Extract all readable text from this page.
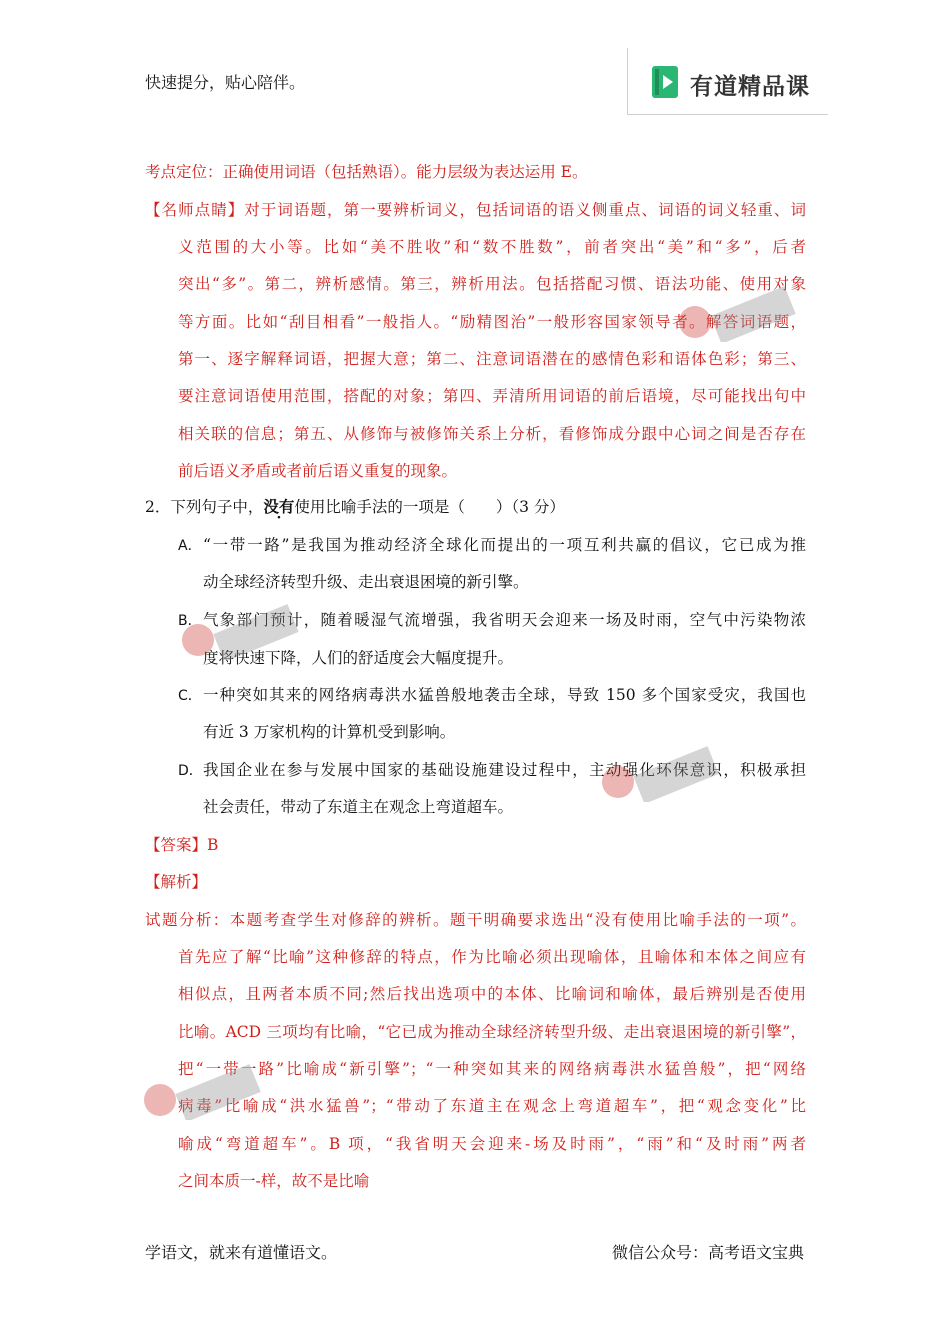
快速提分，贴心陪伴。	有道精品课
考点定位：正确使用词语（包括熟语）。能力层级为表达运用 E。
【名师点睛】对于词语题，第一要辨析词义，包括词语的语义侧重点、词语的词义轻重、词
义范围的大小等。比如“美不胜收”和“数不胜数”，前者突出“美”和“多”，后者
突出“多”。第二，辨析感情。第三，辨析用法。包括搭配习惯、语法功能、使用对象
等方面。比如“刮目相看”一般指人。“励精图治”一般形容国家领导者。解答词语题，
第一、逐字解释词语，把握大意；第二、注意词语潜在的感情色彩和语体色彩；第三、
要注意词语使用范围，搭配的对象；第四、弄清所用词语的前后语境，尽可能找出句中
相关联的信息；第五、从修饰与被修饰关系上分析，看修饰成分跟中心词之间是否存在
前后语义矛盾或者前后语义重复的现象。
2．下列句子中，没有使用比喻手法的一项是（　　）（3 分）
A． “一带一路”是我国为推动经济全球化而提出的一项互利共赢的倡议，它已成为推
动全球经济转型升级、走出衰退困境的新引擎。
B． 气象部门预计，随着暖湿气流增强，我省明天会迎来一场及时雨，空气中污染物浓
度将快速下降，人们的舒适度会大幅度提升。
C． 一种突如其来的网络病毒洪水猛兽般地袭击全球，导致 150 多个国家受灾，我国也
有近 3 万家机构的计算机受到影响。
D． 我国企业在参与发展中国家的基础设施建设过程中，主动强化环保意识，积极承担
社会责任，带动了东道主在观念上弯道超车。
【答案】B
【解析】
试题分析：本题考查学生对修辞的辨析。题干明确要求选出“没有使用比喻手法的一项”。
首先应了解“比喻”这种修辞的特点，作为比喻必须出现喻体，且喻体和本体之间应有
相似点，且两者本质不同;然后找出选项中的本体、比喻词和喻体，最后辨别是否使用
比喻。ACD 三项均有比喻，“它已成为推动全球经济转型升级、走出衰退困境的新引擎”，
把“一带一路”比喻成“新引擎”；“一种突如其来的网络病毒洪水猛兽般”，把“网络
病毒”比喻成“洪水猛兽”；“带动了东道主在观念上弯道超车”，把“观念变化”比
喻成“弯道超车”。B 项，“我省明天会迎来-场及时雨”，“雨”和“及时雨”两者
之间本质一-样，故不是比喻
学语文，就来有道懂语文。	微信公众号：高考语文宝典
